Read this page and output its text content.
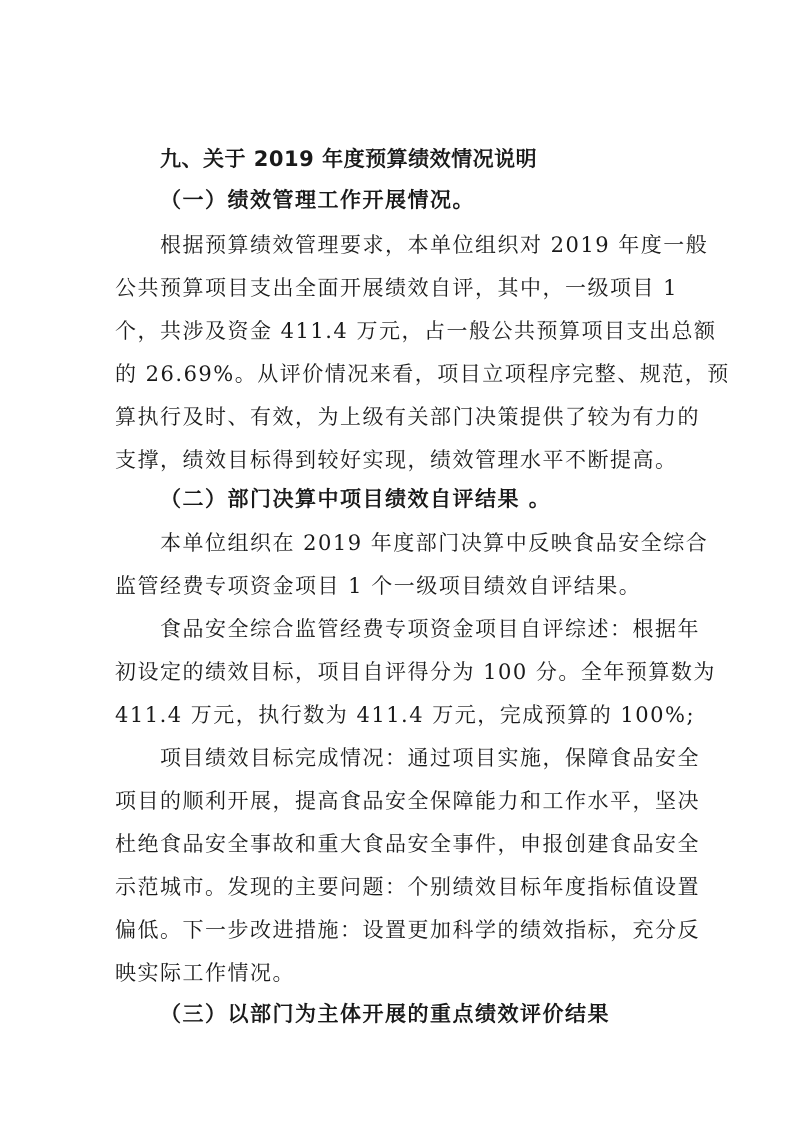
九、关于 2019 年度预算绩效情况说明
（一）绩效管理工作开展情况。
根据预算绩效管理要求，本单位组织对 2019 年度一般
公共预算项目支出全面开展绩效自评，其中，一级项目 1
个，共涉及资金 411.4 万元，占一般公共预算项目支出总额
的 26.69%。从评价情况来看，项目立项程序完整、规范，预
算执行及时、有效，为上级有关部门决策提供了较为有力的
支撑，绩效目标得到较好实现，绩效管理水平不断提高。
（二）部门决算中项目绩效自评结果 。
本单位组织在 2019 年度部门决算中反映食品安全综合
监管经费专项资金项目 1 个一级项目绩效自评结果。
食品安全综合监管经费专项资金项目自评综述：根据年
初设定的绩效目标，项目自评得分为 100 分。全年预算数为
411.4 万元，执行数为 411.4 万元，完成预算的 100%;
项目绩效目标完成情况：通过项目实施，保障食品安全
项目的顺利开展，提高食品安全保障能力和工作水平，坚决
杜绝食品安全事故和重大食品安全事件，申报创建食品安全
示范城市。发现的主要问题：个别绩效目标年度指标值设置
偏低。下一步改进措施：设置更加科学的绩效指标，充分反
映实际工作情况。
（三）以部门为主体开展的重点绩效评价结果
